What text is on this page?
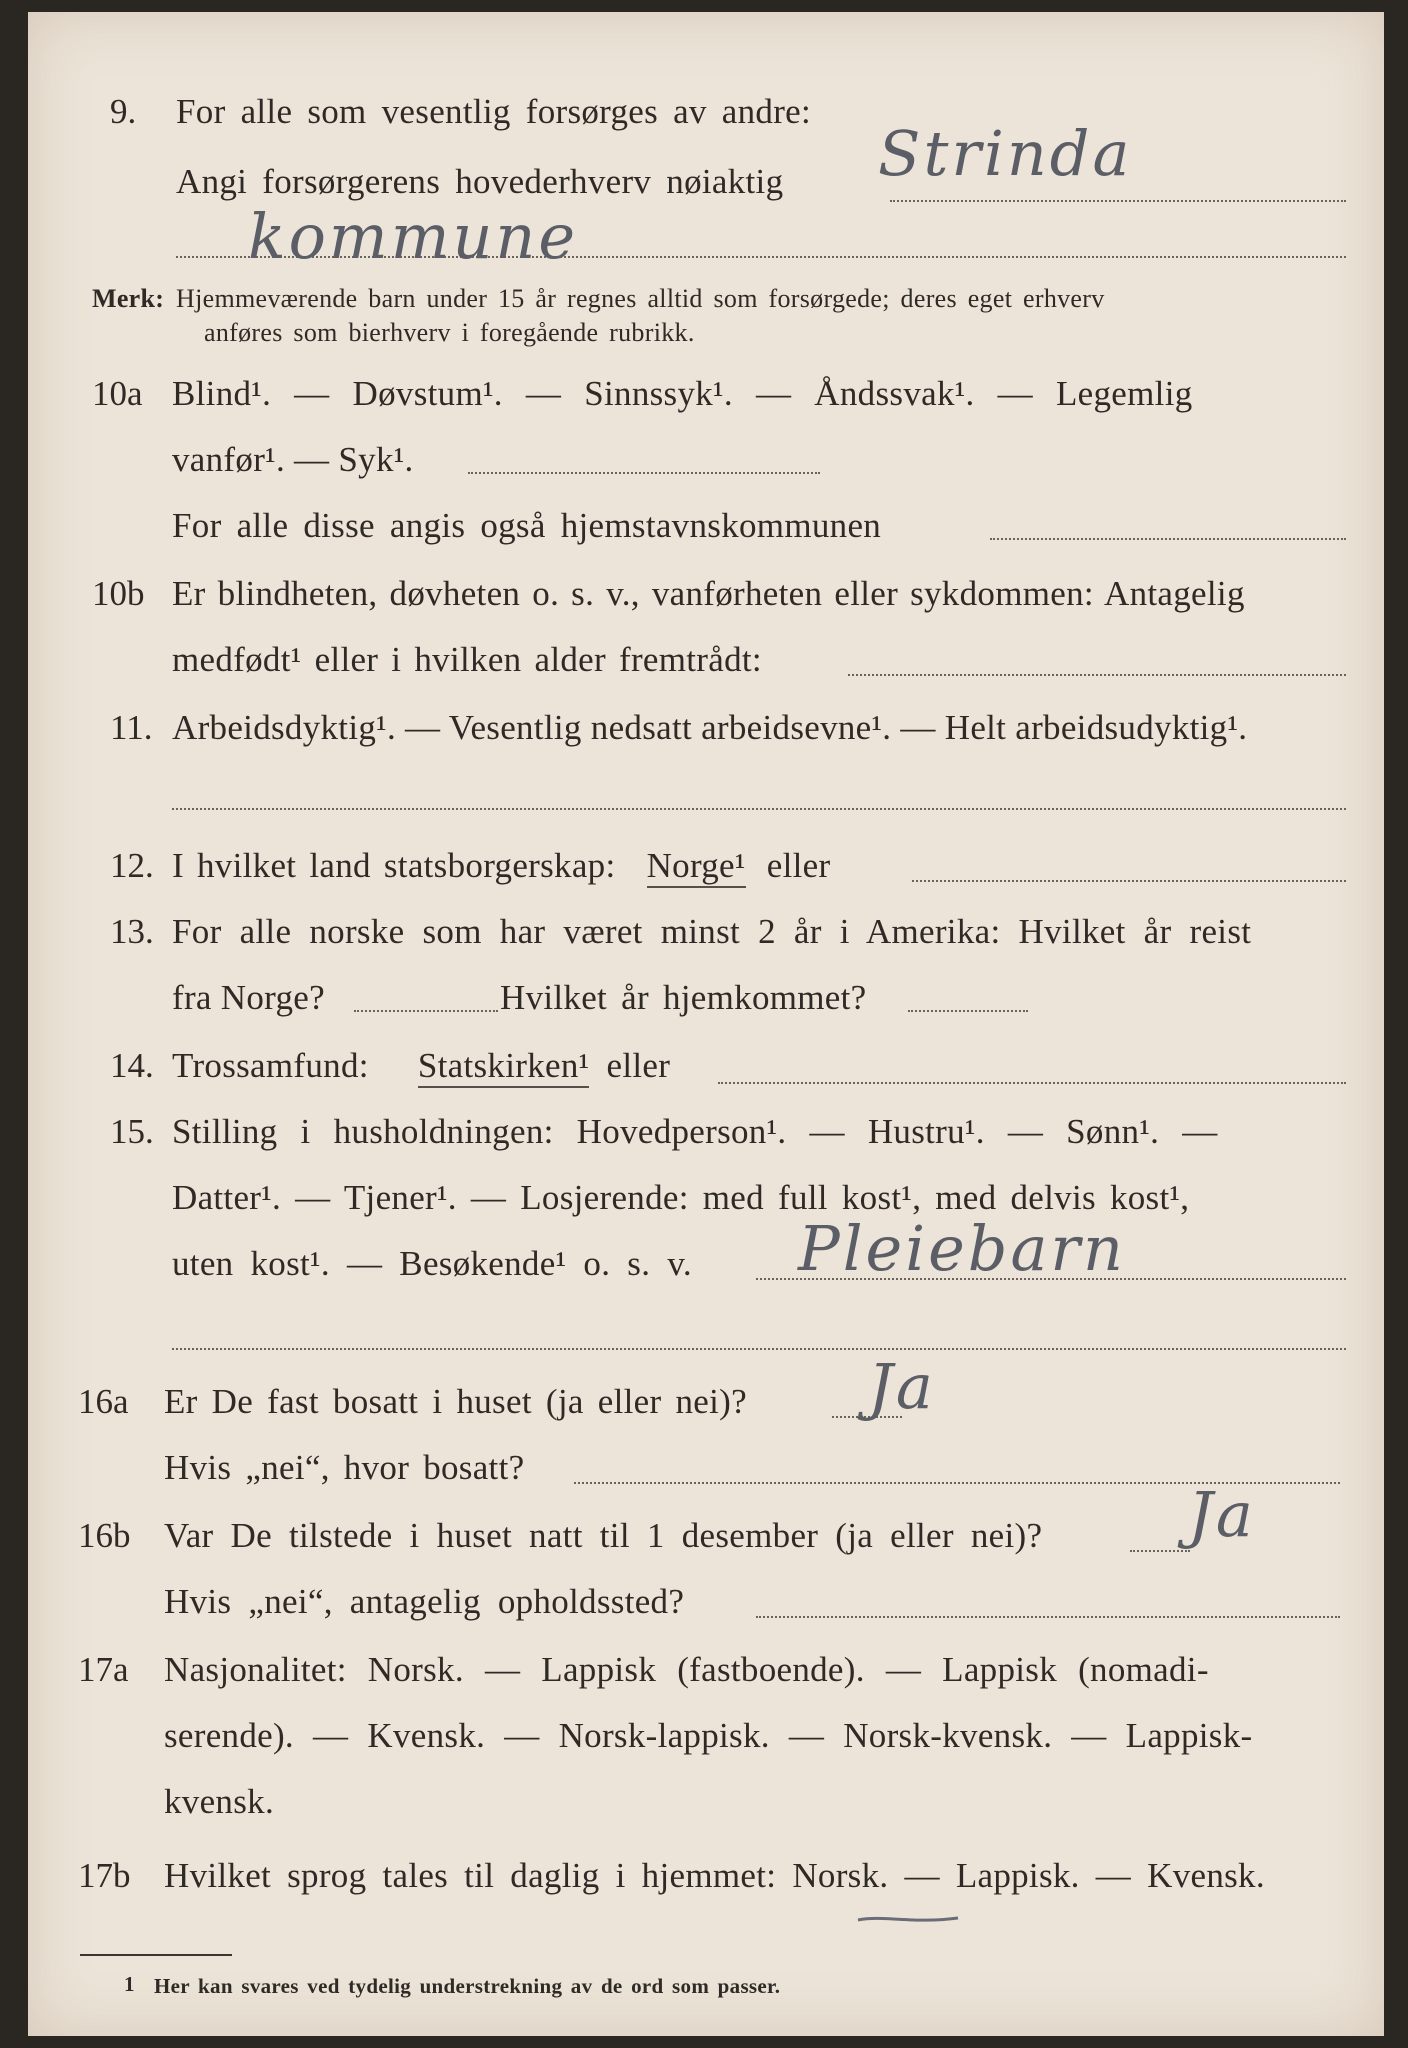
9. For alle som vesentlig forsørges av andre:
Angi forsørgerens hovederhverv nøiaktig Strinda
kommune
Merk: Hjemmeværende barn under 15 år regnes alltid som forsørgede; deres eget erhverv
anføres som bierhverv i foregående rubrikk.
10a Blind¹. — Døvstum¹. — Sinnssyk¹. — Åndssvak¹. — Legemlig
vanfør¹. — Syk¹.
For alle disse angis også hjemstavnskommunen
10b Er blindheten, døvheten o. s. v., vanførheten eller sykdommen: Antagelig
medfødt¹ eller i hvilken alder fremtrådt:
11. Arbeidsdyktig¹. — Vesentlig nedsatt arbeidsevne¹. — Helt arbeidsudyktig¹.
12. I hvilket land statsborgerskap: Norge¹ eller
13. For alle norske som har været minst 2 år i Amerika: Hvilket år reist
fra Norge?	Hvilket år hjemkommet?
14. Trossamfund: Statskirken¹ eller
15. Stilling i husholdningen: Hovedperson¹. — Hustru¹. — Sønn¹. —
Datter¹. — Tjener¹. — Losjerende: med full kost¹, med delvis kost¹,
uten kost¹. — Besøkende¹ o. s. v. Pleiebarn
16a Er De fast bosatt i huset (ja eller nei)? Ja
Hvis „nei“, hvor bosatt?
16b Var De tilstede i huset natt til 1 desember (ja eller nei)? Ja
Hvis „nei“, antagelig opholdssted?
17a Nasjonalitet: Norsk. — Lappisk (fastboende). — Lappisk (nomadi-
serende). — Kvensk. — Norsk-lappisk. — Norsk-kvensk. — Lappisk-
kvensk.
17b Hvilket sprog tales til daglig i hjemmet: Norsk. — Lappisk. — Kvensk.
1 Her kan svares ved tydelig understrekning av de ord som passer.
